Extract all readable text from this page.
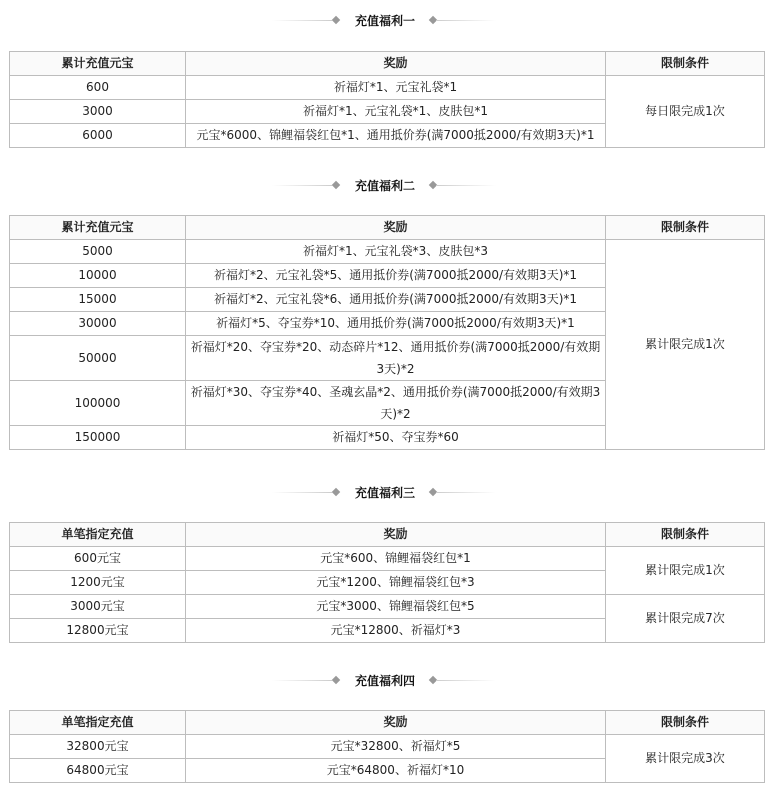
充值福利一
累计充值元宝	奖励	限制条件
600	祈福灯*1、元宝礼袋*1	每日限完成1次
3000	祈福灯*1、元宝礼袋*1、皮肤包*1	
6000	元宝*6000、锦鲤福袋红包*1、通用抵价券(满7000抵2000/有效期3天)*1	
充值福利二
累计充值元宝	奖励	限制条件
5000	祈福灯*1、元宝礼袋*3、皮肤包*3	累计限完成1次
10000	祈福灯*2、元宝礼袋*5、通用抵价券(满7000抵2000/有效期3天)*1	
15000	祈福灯*2、元宝礼袋*6、通用抵价券(满7000抵2000/有效期3天)*1	
30000	祈福灯*5、夺宝券*10、通用抵价券(满7000抵2000/有效期3天)*1	
50000	祈福灯*20、夺宝券*20、动态碎片*12、通用抵价券(满7000抵2000/有效期3天)*2	
100000	祈福灯*30、夺宝券*40、圣魂玄晶*2、通用抵价券(满7000抵2000/有效期3天)*2	
150000	祈福灯*50、夺宝券*60	
充值福利三
单笔指定充值	奖励	限制条件
600元宝	元宝*600、锦鲤福袋红包*1	累计限完成1次
1200元宝	元宝*1200、锦鲤福袋红包*3	
3000元宝	元宝*3000、锦鲤福袋红包*5	累计限完成7次
12800元宝	元宝*12800、祈福灯*3	
充值福利四
单笔指定充值	奖励	限制条件
32800元宝	元宝*32800、祈福灯*5	累计限完成3次
64800元宝	元宝*64800、祈福灯*10	
